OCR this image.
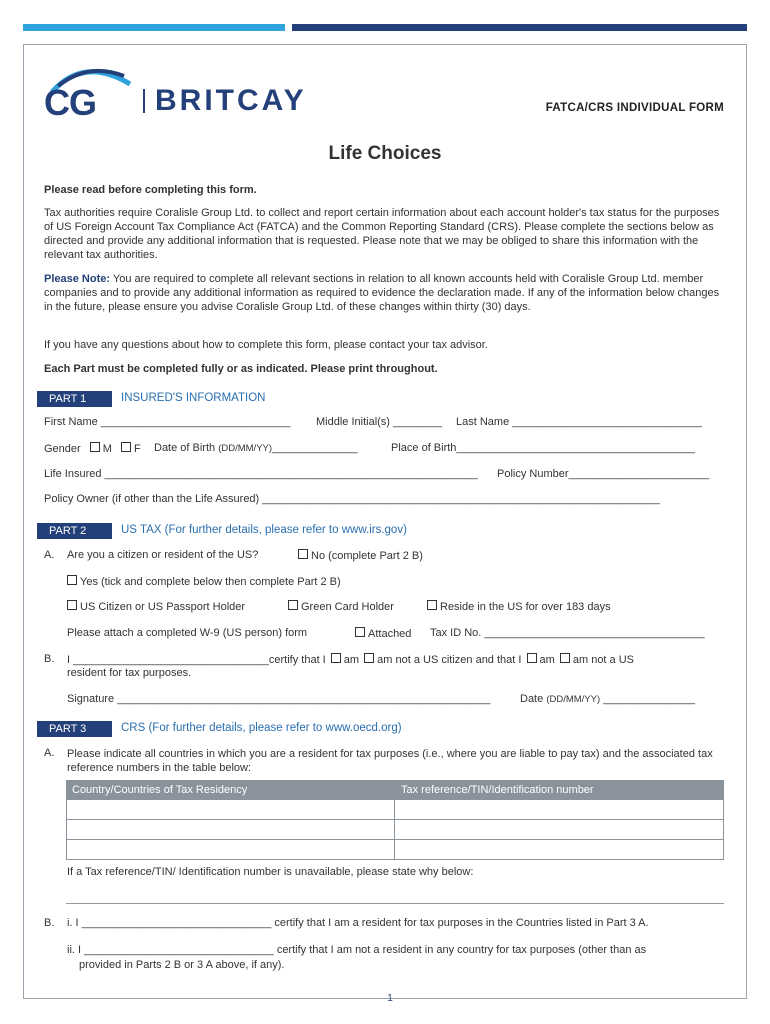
CG BRITCAY	FATCA/CRS INDIVIDUAL FORM
Life Choices
Please read before completing this form.
Tax authorities require Coralisle Group Ltd. to collect and report certain information about each account holder's tax status for the purposes of US Foreign Account Tax Compliance Act (FATCA) and the Common Reporting Standard (CRS). Please complete the sections below as directed and provide any additional information that is requested. Please note that we may be obliged to share this information with the relevant tax authorities.
Please Note: You are required to complete all relevant sections in relation to all known accounts held with Coralisle Group Ltd. member companies and to provide any additional information as required to evidence the declaration made. If any of the information below changes in the future, please ensure you advise Coralisle Group Ltd. of these changes within thirty (30) days.
If you have any questions about how to complete this form, please contact your tax advisor.
Each Part must be completed fully or as indicated. Please print throughout.
PART 1	INSURED'S INFORMATION
First Name _______________________________ Middle Initial(s) ________ Last Name _______________________________
Gender M F Date of Birth (DD/MM/YY)______________	Place of Birth_______________________________________
Life Insured _____________________________________________________________ Policy Number_______________________
Policy Owner (if other than the Life Assured) _________________________________________________________________
PART 2	US TAX (For further details, please refer to www.irs.gov)
A. Are you a citizen or resident of the US?	No (complete Part 2 B)
Yes (tick and complete below then complete Part 2 B)
US Citizen or US Passport Holder	Green Card Holder	Reside in the US for over 183 days
Please attach a completed W-9 (US person) form	Attached Tax ID No. ____________________________________
B. I ________________________________certify that I am am not a US citizen and that I am am not a US
resident for tax purposes.
Signature _____________________________________________________________	Date (DD/MM/YY) _______________
PART 3	CRS (For further details, please refer to www.oecd.org)
A. Please indicate all countries in which you are a resident for tax purposes (i.e., where you are liable to pay tax) and the associated tax reference numbers in the table below:
Country/Countries of Tax Residency	Tax reference/TIN/Identification number
If a Tax reference/TIN/ Identification number is unavailable, please state why below:
B. i. I _______________________________ certify that I am a resident for tax purposes in the Countries listed in Part 3 A.
ii. I _______________________________ certify that I am not a resident in any country for tax purposes (other than as
provided in Parts 2 B or 3 A above, if any).
1
